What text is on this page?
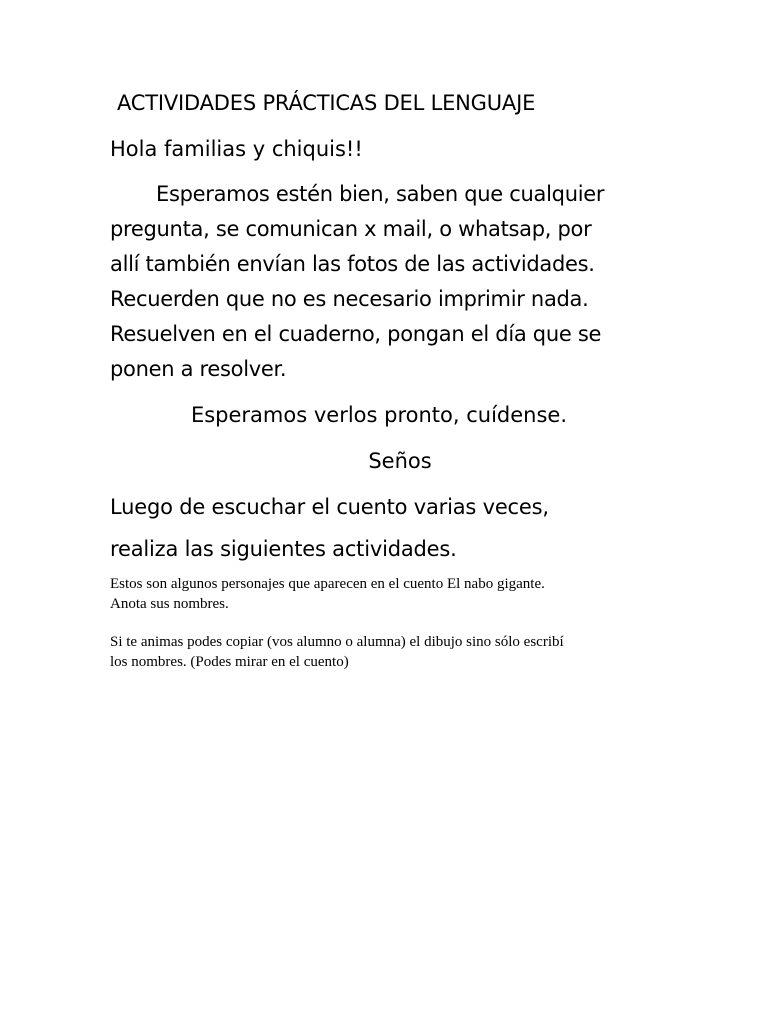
ACTIVIDADES PRÁCTICAS DEL LENGUAJE
Hola familias y chiquis!!
Esperamos estén bien, saben que cualquier
pregunta, se comunican x mail, o whatsap, por
allí también envían las fotos de las actividades.
Recuerden que no es necesario imprimir nada.
Resuelven en el cuaderno, pongan el día que se
ponen a resolver.
Esperamos verlos pronto, cuídense.
Seños
Luego de escuchar el cuento varias veces,
realiza las siguientes actividades.
Estos son algunos personajes que aparecen en el cuento El nabo gigante.
Anota sus nombres.
Si te animas podes copiar (vos alumno o alumna) el dibujo sino sólo escribí
los nombres. (Podes mirar en el cuento)
